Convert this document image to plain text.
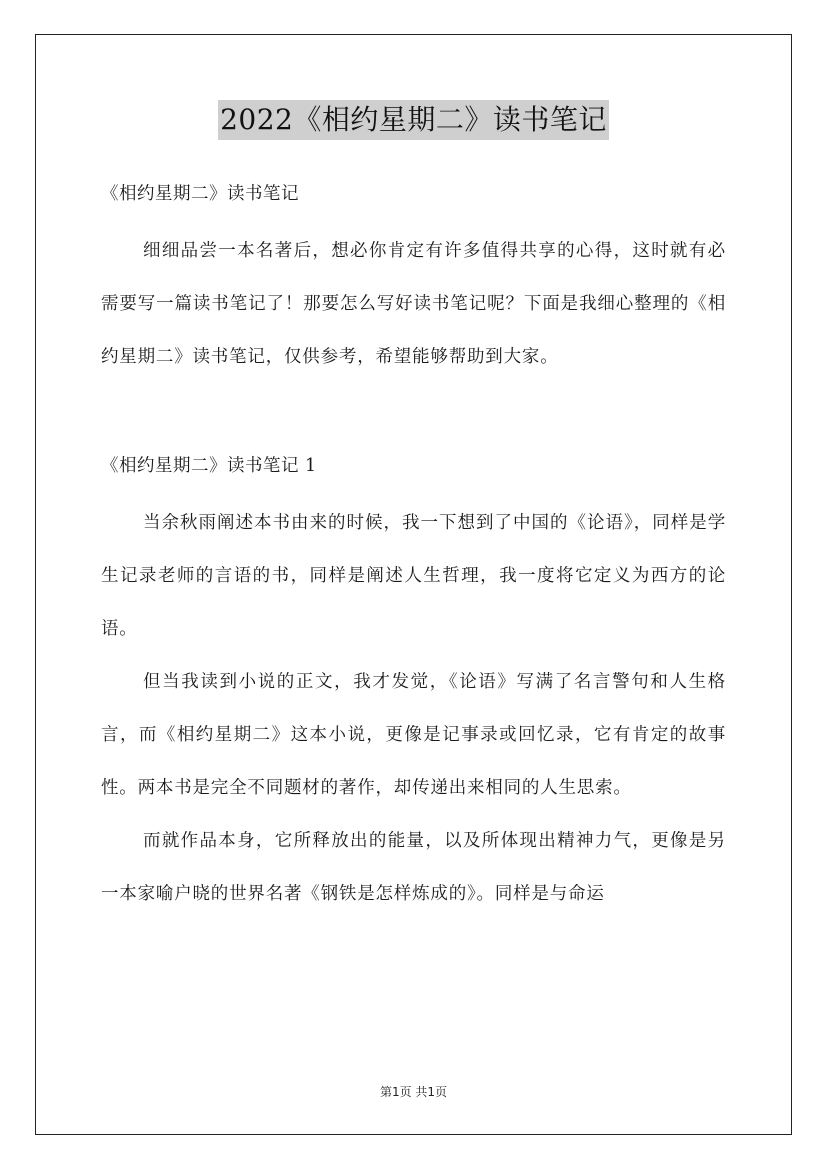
2022《相约星期二》读书笔记

《相约星期二》读书笔记

细细品尝一本名著后，想必你肯定有许多值得共享的心得，这时就有必需要写一篇读书笔记了！那要怎么写好读书笔记呢？下面是我细心整理的《相约星期二》读书笔记，仅供参考，希望能够帮助到大家。

《相约星期二》读书笔记 1

当余秋雨阐述本书由来的时候，我一下想到了中国的《论语》，同样是学生记录老师的言语的书，同样是阐述人生哲理，我一度将它定义为西方的论语。

但当我读到小说的正文，我才发觉，《论语》写满了名言警句和人生格言，而《相约星期二》这本小说，更像是记事录或回忆录，它有肯定的故事性。两本书是完全不同题材的著作，却传递出来相同的人生思索。

而就作品本身，它所释放出的能量，以及所体现出精神力气，更像是另一本家喻户晓的世界名著《钢铁是怎样炼成的》。同样是与命运

第1页 共1页
